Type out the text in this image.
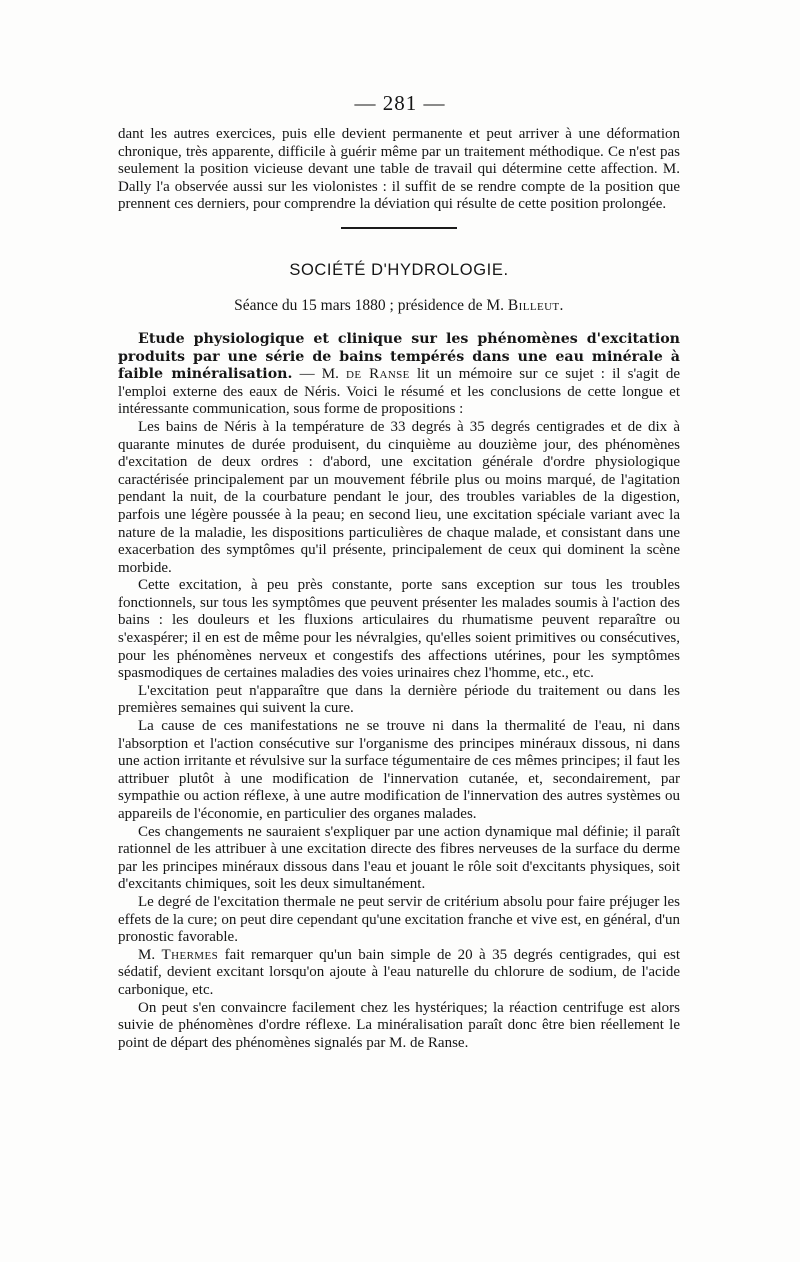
— 281 —

dant les autres exercices, puis elle devient permanente et peut arriver à une déformation chronique, très apparente, difficile à guérir même par un traitement méthodique. Ce n'est pas seulement la position vicieuse devant une table de travail qui détermine cette affection. M. Dally l'a observée aussi sur les violonistes : il suffit de se rendre compte de la position que prennent ces derniers, pour comprendre la déviation qui résulte de cette position prolongée.

SOCIÉTÉ D'HYDROLOGIE.
Séance du 15 mars 1880 ; présidence de M. Billeut.

Etude physiologique et clinique sur les phénomènes d'excitation produits par une série de bains tempérés dans une eau minérale à faible minéralisation. — M. de Ranse lit un mémoire sur ce sujet : il s'agit de l'emploi externe des eaux de Néris. Voici le résumé et les conclusions de cette longue et intéressante communication, sous forme de propositions :

Les bains de Néris à la température de 33 degrés à 35 degrés centigrades et de dix à quarante minutes de durée produisent, du cinquième au douzième jour, des phénomènes d'excitation de deux ordres : d'abord, une excitation générale d'ordre physiologique caractérisée principalement par un mouvement fébrile plus ou moins marqué, de l'agitation pendant la nuit, de la courbature pendant le jour, des troubles variables de la digestion, parfois une légère poussée à la peau; en second lieu, une excitation spéciale variant avec la nature de la maladie, les dispositions particulières de chaque malade, et consistant dans une exacerbation des symptômes qu'il présente, principalement de ceux qui dominent la scène morbide.

Cette excitation, à peu près constante, porte sans exception sur tous les troubles fonctionnels, sur tous les symptômes que peuvent présenter les malades soumis à l'action des bains : les douleurs et les fluxions articulaires du rhumatisme peuvent reparaître ou s'exaspérer; il en est de même pour les névralgies, qu'elles soient primitives ou consécutives, pour les phénomènes nerveux et congestifs des affections utérines, pour les symptômes spasmodiques de certaines maladies des voies urinaires chez l'homme, etc., etc.

L'excitation peut n'apparaître que dans la dernière période du traitement ou dans les premières semaines qui suivent la cure.

La cause de ces manifestations ne se trouve ni dans la thermalité de l'eau, ni dans l'absorption et l'action consécutive sur l'organisme des principes minéraux dissous, ni dans une action irritante et révulsive sur la surface tégumentaire de ces mêmes principes; il faut les attribuer plutôt à une modification de l'innervation cutanée, et, secondairement, par sympathie ou action réflexe, à une autre modification de l'innervation des autres systèmes ou appareils de l'économie, en particulier des organes malades.

Ces changements ne sauraient s'expliquer par une action dynamique mal définie; il paraît rationnel de les attribuer à une excitation directe des fibres nerveuses de la surface du derme par les principes minéraux dissous dans l'eau et jouant le rôle soit d'excitants physiques, soit d'excitants chimiques, soit les deux simultanément.

Le degré de l'excitation thermale ne peut servir de critérium absolu pour faire préjuger les effets de la cure; on peut dire cependant qu'une excitation franche et vive est, en général, d'un pronostic favorable.

M. Thermes fait remarquer qu'un bain simple de 20 à 35 degrés centigrades, qui est sédatif, devient excitant lorsqu'on ajoute à l'eau naturelle du chlorure de sodium, de l'acide carbonique, etc.

On peut s'en convaincre facilement chez les hystériques; la réaction centrifuge est alors suivie de phénomènes d'ordre réflexe. La minéralisation paraît donc être bien réellement le point de départ des phénomènes signalés par M. de Ranse.
